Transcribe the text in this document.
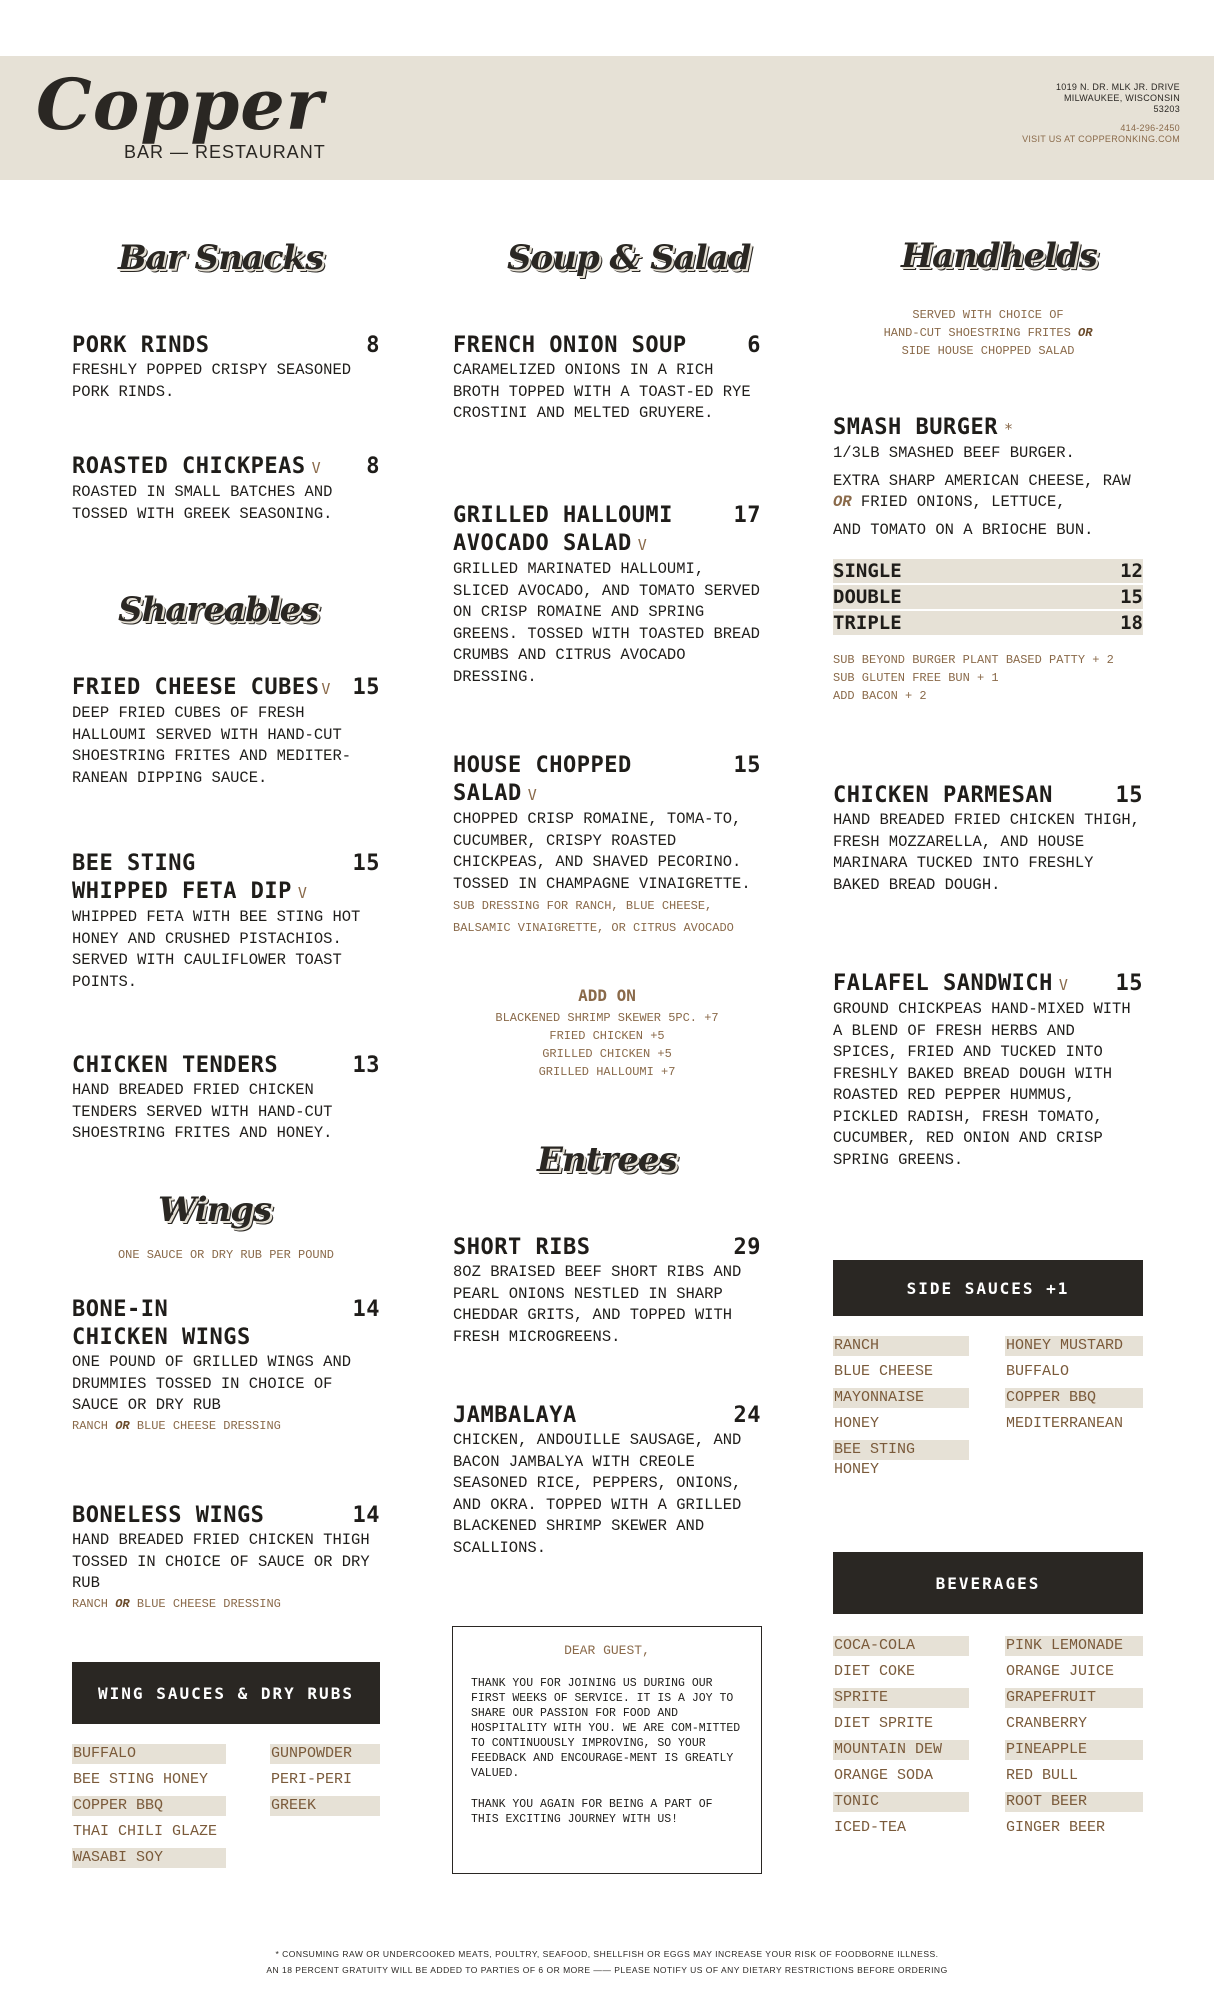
Copper
BAR — RESTAURANT
1019 N. DR. MLK JR. DRIVE
MILWAUKEE, WISCONSIN
53203
414-296-2450
VISIT US AT COPPERONKING.COM
Bar Snacks
PORK RINDS	8
FRESHLY POPPED CRISPY SEASONED PORK RINDS.
ROASTED CHICKPEAS V 8
ROASTED IN SMALL BATCHES AND TOSSED WITH GREEK SEASONING.
Shareables
FRIED CHEESE CUBES V 15
DEEP FRIED CUBES OF FRESH HALLOUMI SERVED WITH HAND-CUT SHOESTRING FRITES AND MEDITER-RANEAN DIPPING SAUCE.
BEE STING	15
WHIPPED FETA DIP V
WHIPPED FETA WITH BEE STING HOT HONEY AND CRUSHED PISTACHIOS. SERVED WITH CAULIFLOWER TOAST POINTS.
CHICKEN TENDERS	13
HAND BREADED FRIED CHICKEN TENDERS SERVED WITH HAND-CUT SHOESTRING FRITES AND HONEY.
Wings
ONE SAUCE OR DRY RUB PER POUND
BONE-IN	14
CHICKEN WINGS
ONE POUND OF GRILLED WINGS AND DRUMMIES TOSSED IN CHOICE OF SAUCE OR DRY RUB
RANCH OR BLUE CHEESE DRESSING
BONELESS WINGS	14
HAND BREADED FRIED CHICKEN THIGH TOSSED IN CHOICE OF SAUCE OR DRY RUB
RANCH OR BLUE CHEESE DRESSING
WING SAUCES & DRY RUBS
BUFFALO
BEE STING HONEY
COPPER BBQ
THAI CHILI GLAZE
WASABI SOY
GUNPOWDER
PERI-PERI
GREEK
Soup & Salad
FRENCH ONION SOUP	6
CARAMELIZED ONIONS IN A RICH BROTH TOPPED WITH A TOAST-ED RYE CROSTINI AND MELTED GRUYERE.
GRILLED HALLOUMI	17
AVOCADO SALAD V
GRILLED MARINATED HALLOUMI, SLICED AVOCADO, AND TOMATO SERVED ON CRISP ROMAINE AND SPRING GREENS. TOSSED WITH TOASTED BREAD CRUMBS AND CITRUS AVOCADO DRESSING.
HOUSE CHOPPED	15
SALAD V
CHOPPED CRISP ROMAINE, TOMA-TO, CUCUMBER, CRISPY ROASTED CHICKPEAS, AND SHAVED PECORINO. TOSSED IN CHAMPAGNE VINAIGRETTE. SUB DRESSING FOR RANCH, BLUE CHEESE, BALSAMIC VINAIGRETTE, OR CITRUS AVOCADO
ADD ON
BLACKENED SHRIMP SKEWER 5PC. +7
FRIED CHICKEN +5
GRILLED CHICKEN +5
GRILLED HALLOUMI +7
Entrees
SHORT RIBS	29
8OZ BRAISED BEEF SHORT RIBS AND PEARL ONIONS NESTLED IN SHARP CHEDDAR GRITS, AND TOPPED WITH FRESH MICROGREENS.
JAMBALAYA	24
CHICKEN, ANDOUILLE SAUSAGE, AND BACON JAMBALYA WITH CREOLE SEASONED RICE, PEPPERS, ONIONS, AND OKRA. TOPPED WITH A GRILLED BLACKENED SHRIMP SKEWER AND SCALLIONS.
DEAR GUEST,

THANK YOU FOR JOINING US DURING OUR FIRST WEEKS OF SERVICE. IT IS A JOY TO SHARE OUR PASSION FOR FOOD AND HOSPITALITY WITH YOU. WE ARE COM-MITTED TO CONTINUOUSLY IMPROVING, SO YOUR FEEDBACK AND ENCOURAGE-MENT IS GREATLY VALUED.

THANK YOU AGAIN FOR BEING A PART OF THIS EXCITING JOURNEY WITH US!

Handhelds
SERVED WITH CHOICE OF
HAND-CUT SHOESTRING FRITES OR
SIDE HOUSE CHOPPED SALAD
SMASH BURGER *
1/3LB SMASHED BEEF BURGER.
EXTRA SHARP AMERICAN CHEESE, RAW OR FRIED ONIONS, LETTUCE,
AND TOMATO ON A BRIOCHE BUN.
SINGLE	12
DOUBLE	15
TRIPLE	18
SUB BEYOND BURGER PLANT BASED PATTY + 2
SUB GLUTEN FREE BUN + 1
ADD BACON + 2
CHICKEN PARMESAN	15
HAND BREADED FRIED CHICKEN THIGH, FRESH MOZZARELLA, AND HOUSE MARINARA TUCKED INTO FRESHLY BAKED BREAD DOUGH.
FALAFEL SANDWICH V 15
GROUND CHICKPEAS HAND-MIXED WITH A BLEND OF FRESH HERBS AND SPICES, FRIED AND TUCKED INTO FRESHLY BAKED BREAD DOUGH WITH ROASTED RED PEPPER HUMMUS, PICKLED RADISH, FRESH TOMATO, CUCUMBER, RED ONION AND CRISP SPRING GREENS.
SIDE SAUCES +1
RANCH
BLUE CHEESE
MAYONNAISE
HONEY
BEE STING HONEY
HONEY MUSTARD
BUFFALO
COPPER BBQ
MEDITERRANEAN
BEVERAGES
COCA-COLA
DIET COKE
SPRITE
DIET SPRITE
MOUNTAIN DEW
ORANGE SODA
TONIC
ICED-TEA
PINK LEMONADE
ORANGE JUICE
GRAPEFRUIT
CRANBERRY
PINEAPPLE
RED BULL
ROOT BEER
GINGER BEER
* CONSUMING RAW OR UNDERCOOKED MEATS, POULTRY, SEAFOOD, SHELLFISH OR EGGS MAY INCREASE YOUR RISK OF FOODBORNE ILLNESS.
AN 18 PERCENT GRATUITY WILL BE ADDED TO PARTIES OF 6 OR MORE —— PLEASE NOTIFY US OF ANY DIETARY RESTRICTIONS BEFORE ORDERING
